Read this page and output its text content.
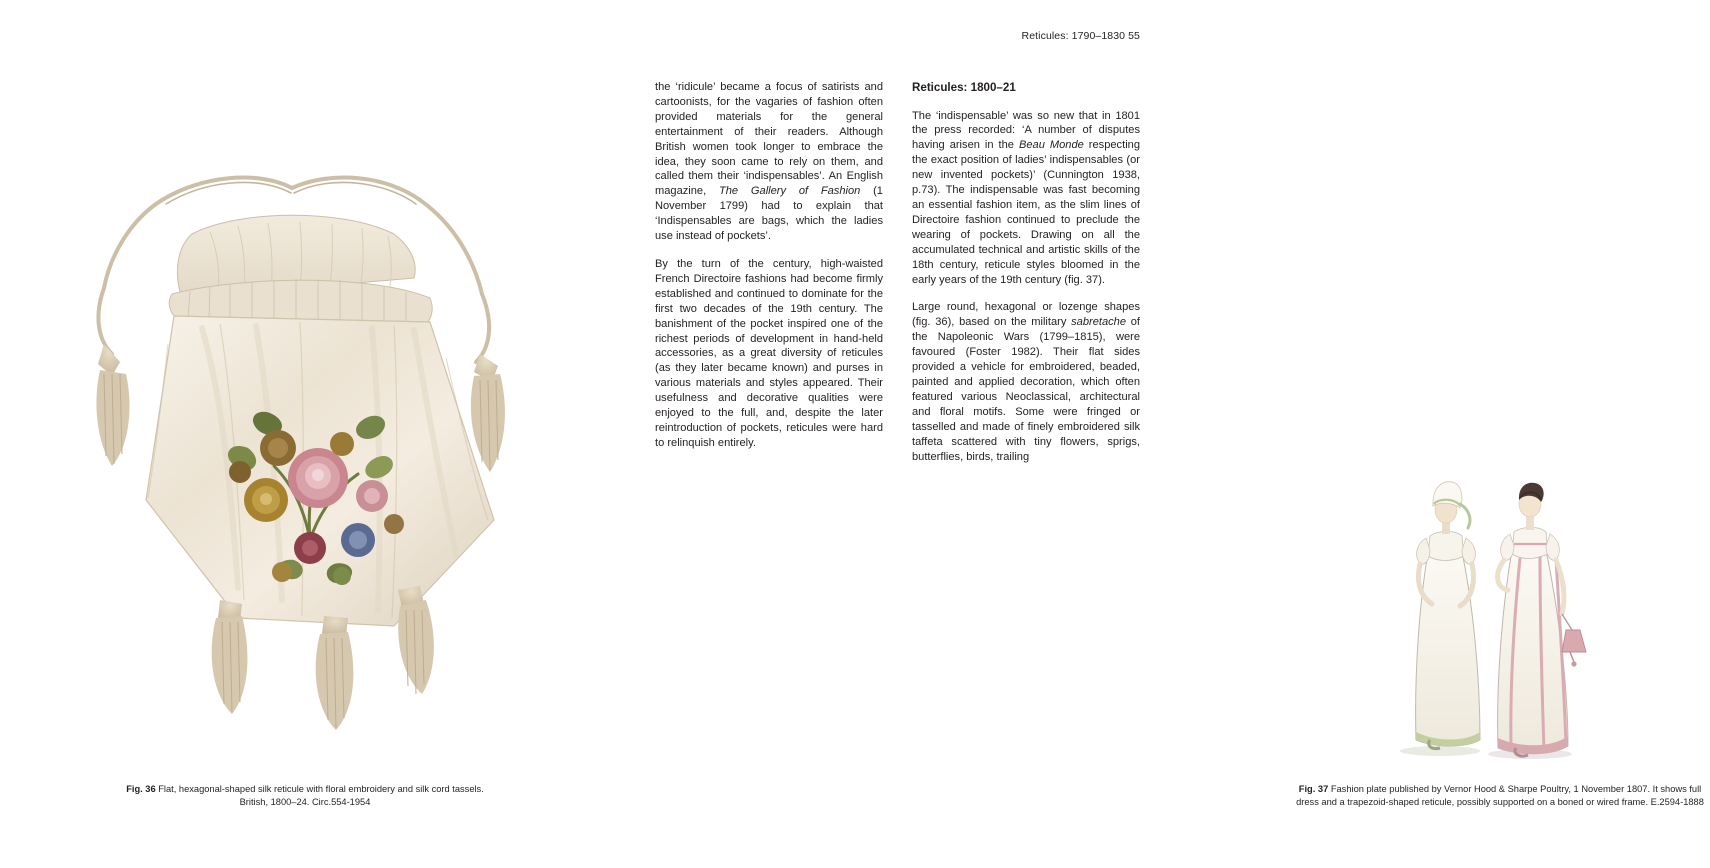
Reticules: 1790–1830 55
Fig. 36 Flat, hexagonal-shaped silk reticule with floral embroidery and silk cord tassels. British, 1800–24. Circ.554-1954

the ‘ridicule’ became a focus of satirists and cartoonists, for the vagaries of fashion often provided materials for the general entertainment of their readers. Although British women took longer to embrace the idea, they soon came to rely on them, and called them their ‘indispensables’. An English magazine, The Gallery of Fashion (1 November 1799) had to explain that ‘Indispensables are bags, which the ladies use instead of pockets’.

By the turn of the century, high-waisted French Directoire fashions had become firmly established and continued to dominate for the first two decades of the 19th century. The banishment of the pocket inspired one of the richest periods of development in hand-held accessories, as a great diversity of reticules (as they later became known) and purses in various materials and styles appeared. Their usefulness and decorative qualities were enjoyed to the full, and, despite the later reintroduction of pockets, reticules were hard to relinquish entirely.

Reticules: 1800–21

The ‘indispensable’ was so new that in 1801 the press recorded: ‘A number of disputes having arisen in the Beau Monde respecting the exact position of ladies’ indispensables (or new invented pockets)’ (Cunnington 1938, p.73). The indispensable was fast becoming an essential fashion item, as the slim lines of Directoire fashion continued to preclude the wearing of pockets. Drawing on all the accumulated technical and artistic skills of the 18th century, reticule styles bloomed in the early years of the 19th century (fig. 37).

Large round, hexagonal or lozenge shapes (fig. 36), based on the military sabretache of the Napoleonic Wars (1799–1815), were favoured (Foster 1982). Their flat sides provided a vehicle for embroidered, beaded, painted and applied decoration, which often featured various Neoclassical, architectural and floral motifs. Some were fringed or tasselled and made of finely embroidered silk taffeta scattered with tiny flowers, sprigs, butterflies, birds, trailing

Fig. 37 Fashion plate published by Vernor Hood & Sharpe Poultry, 1 November 1807. It shows full dress and a trapezoid-shaped reticule, possibly supported on a boned or wired frame. E.2594-1888
